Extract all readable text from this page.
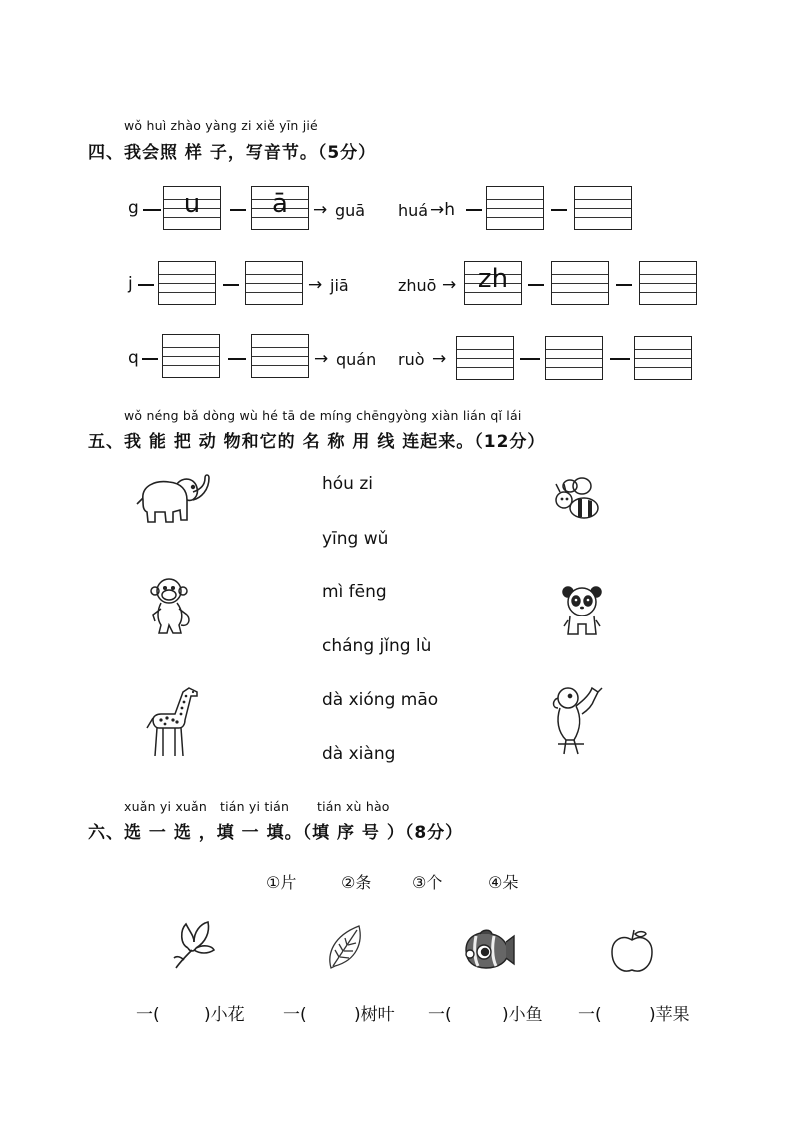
wǒ huì zhào yàng zi xiě yīn jié
四、我会照 样 子，写音节。（5分）
g	u	ā	→ guā huá →h
j	→ jiā	zhuō → zh
q	→ quán ruò →
wǒ néng bǎ dòng wù hé tā de míng chēngyòng xiàn lián qǐ lái
五、我 能 把 动 物和它的 名 称 用 线 连起来。（12分）
hóu zi
yīng wǔ
mì fēng
cháng jǐng lù
dà xióng māo
dà xiàng
xuǎn yi xuǎn tián yi tián tián xù hào
六、选 一 选 ，填 一 填。（填 序 号 ）（8分）
①片	②条	③个	④朵
一(	)小花 一(	)树叶 一(	)小鱼 一(	)苹果
